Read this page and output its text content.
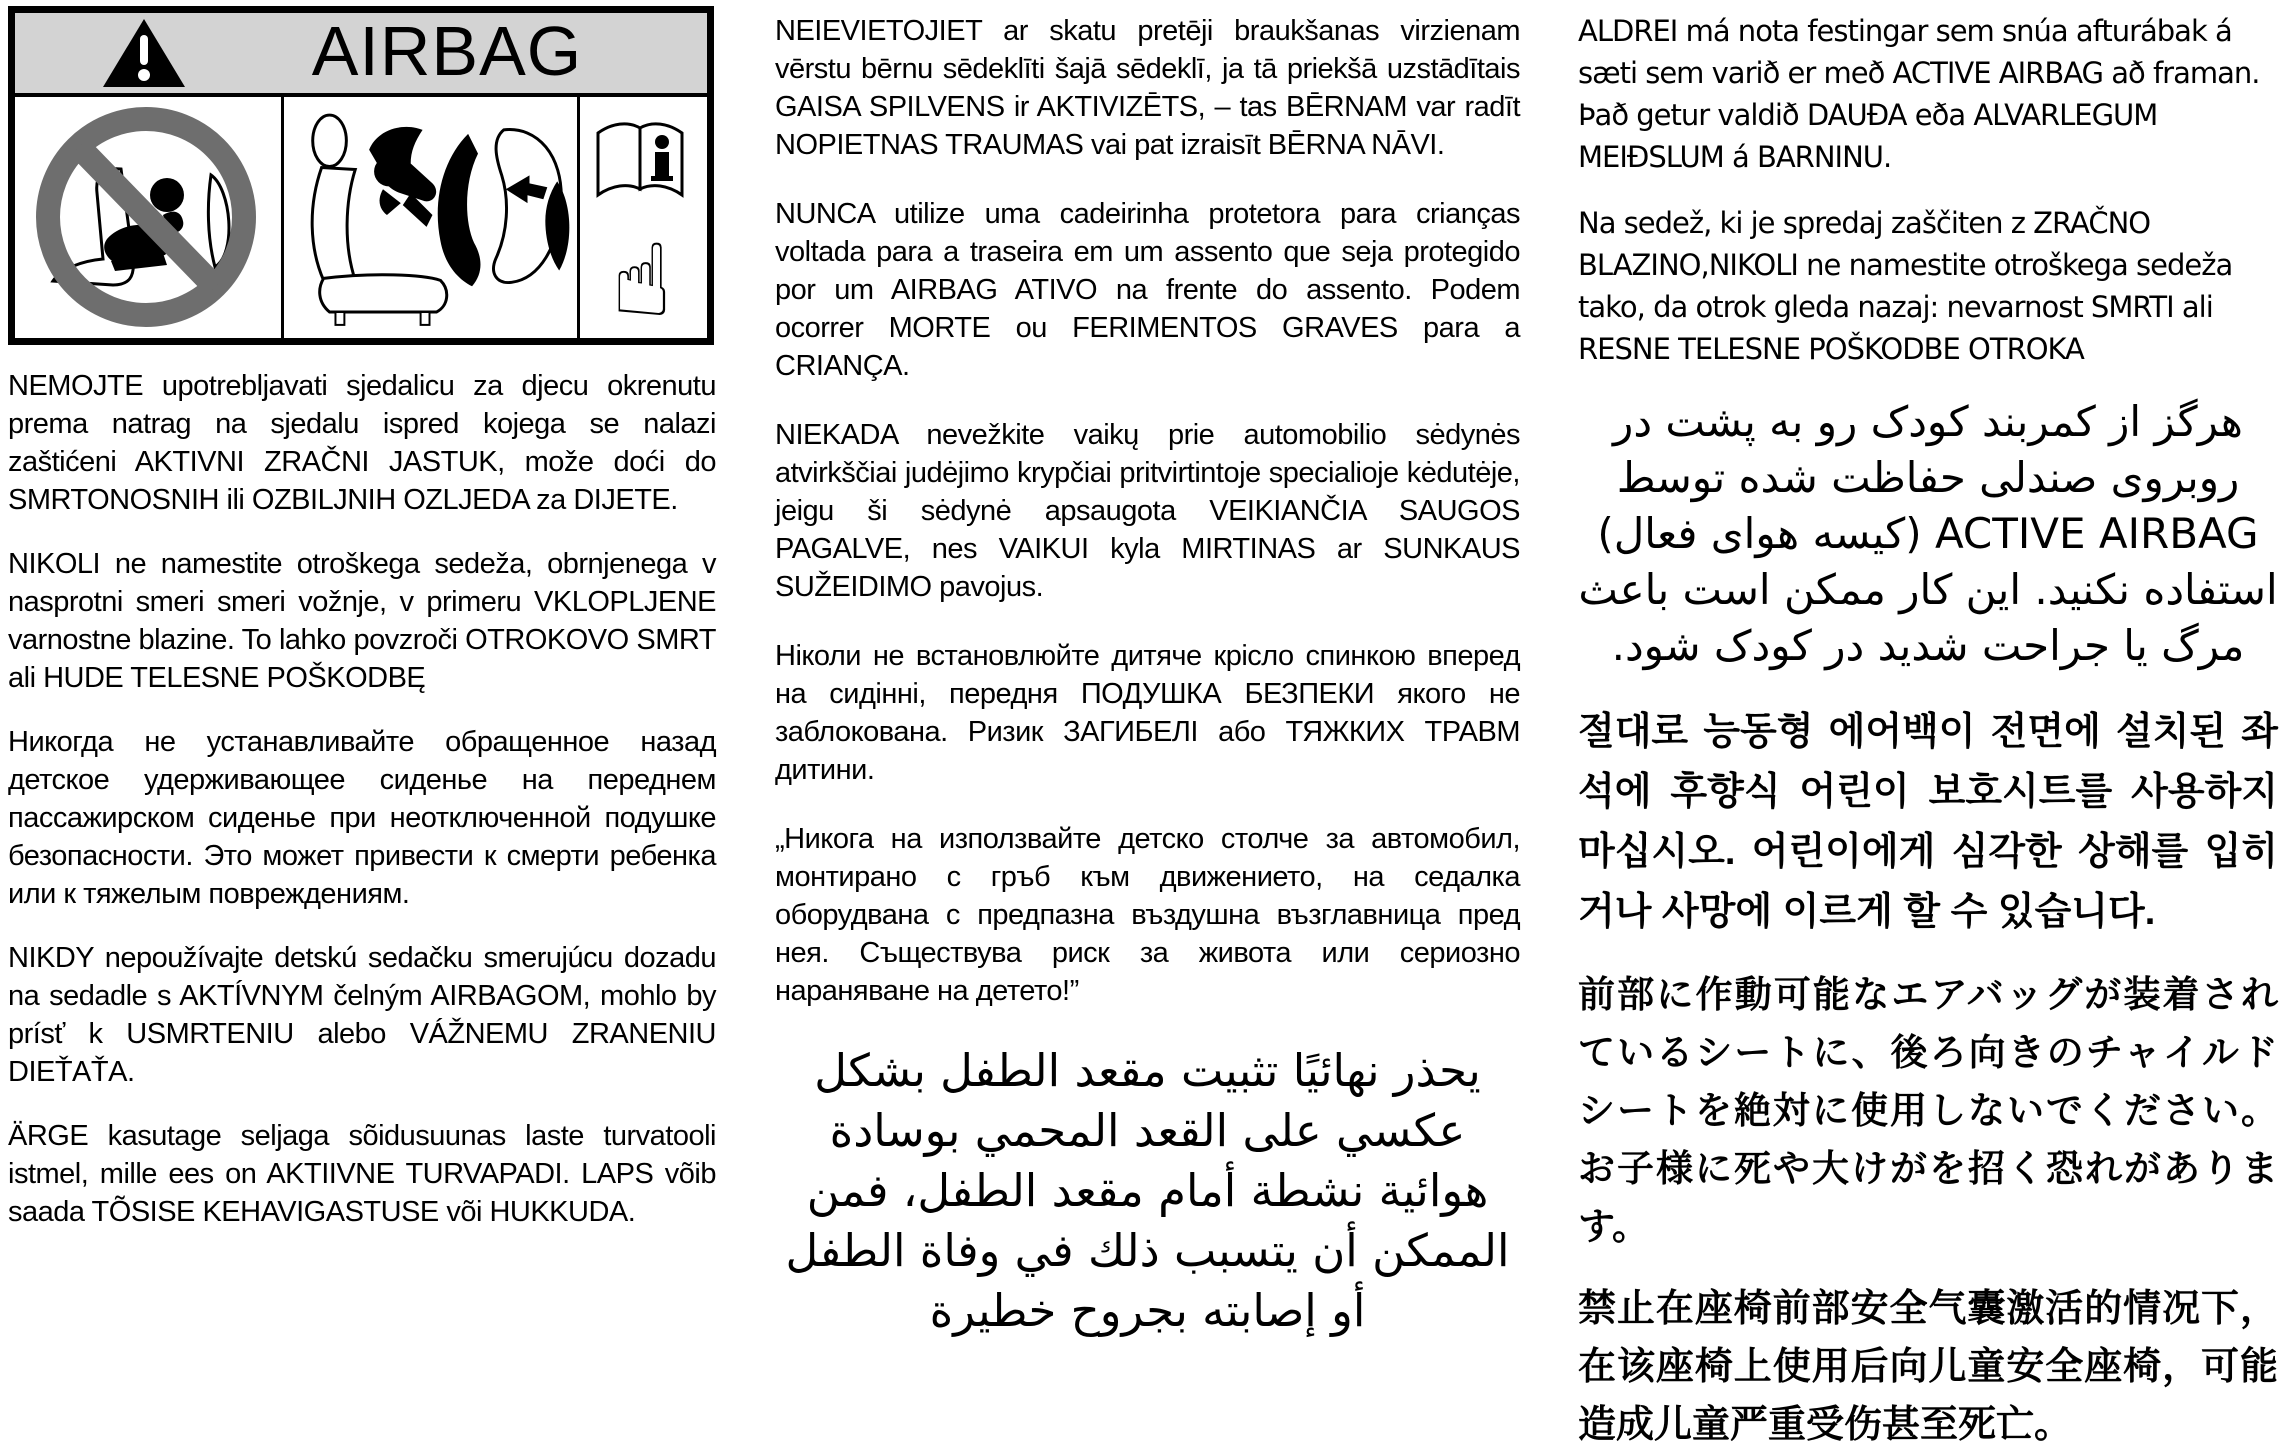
AIRBAG
☝

NEMOJTE upotrebljavati sjedalicu za djecu okrenutu prema natrag na sjedalu ispred kojega se nalazi zaštićeni AKTIVNI ZRAČNI JASTUK, može doći do SMRTONOSNIH ili OZBILJNIH OZLJEDA za DIJETE.

NIKOLI ne namestite otroškega sedeža, obrnjenega v nasprotni smeri smeri vožnje, v primeru VKLOPLJENE varnostne blazine. To lahko povzroči OTROKOVO SMRT ali HUDE TELESNE POŠKODBĘ

Никогда не устанавливайте обращенное назад детское удерживающее сиденье на переднем пассажирском сиденье при неотключенной подушке безопасности. Это может привести к смерти ребенка или к тяжелым повреждениям.

NIKDY nepoužívajte detskú sedačku smerujúcu dozadu na sedadle s AKTÍVNYM čelným AIRBAGOM, mohlo by prísť k USMRTENIU alebo VÁŽNEMU ZRANENIU DIEŤAŤA.

ÄRGE kasutage seljaga sõidusuunas laste turvatooli istmel, mille ees on AKTIIVNE TURVAPADI. LAPS võib saada TÕSISE KEHAVIGASTUSE või HUKKUDA.

NEIEVIETOJIET ar skatu pretēji braukšanas virzienam vērstu bērnu sēdeklīti šajā sēdeklī, ja tā priekšā uzstādītais GAISA SPILVENS ir AKTIVIZĒTS, – tas BĒRNAM var radīt NOPIETNAS TRAUMAS vai pat izraisīt BĒRNA NĀVI.

NUNCA utilize uma cadeirinha protetora para crianças voltada para a traseira em um assento que seja protegido por um AIRBAG ATIVO na frente do assento. Podem ocorrer MORTE ou FERIMENTOS GRAVES para a CRIANÇA.

NIEKADA nevežkite vaikų prie automobilio sėdynės atvirkščiai judėjimo krypčiai pritvirtintoje specialioje kėdutėje, jeigu ši sėdynė apsaugota VEIKIANČIA SAUGOS PAGALVE, nes VAIKUI kyla MIRTINAS ar SUNKAUS SUŽEIDIMO pavojus.

Ніколи не встановлюйте дитяче крісло спинкою вперед на сидінні, передня ПОДУШКА БЕЗПЕКИ якого не заблокована. Ризик ЗАГИБЕЛІ або ТЯЖКИХ ТРАВМ дитини.

„Никога на използвайте детско столче за автомобил, монтирано с гръб към движението, на седалка оборудвана с предпазна въздушна възглавница пред нея. Съществува риск за живота или сериозно нараняване на детето!”

يحذر نهائيًا تثبيت مقعد الطفل بشكل عكسي على القعد المحمي بوسادة هوائية نشطة أمام مقعد الطفل، فمن الممكن أن يتسبب ذلك في وفاة الطفل أو إصابته بجروح خطيرة

ALDREI má nota festingar sem snúa afturábak á sæti sem varið er með ACTIVE AIRBAG að framan. Það getur valdið DAUÐA eða ALVARLEGUM MEIÐSLUM á BARNINU.

Na sedež, ki je spredaj zaščiten z ZRAČNO BLAZINO,NIKOLI ne namestite otroškega sedeža tako, da otrok gleda nazaj: nevarnost SMRTI ali RESNE TELESNE POŠKODBE OTROKA

هرگز از کمربند کودک رو به پشت در روبروی صندلی حفاظت شده توسط ACTIVE AIRBAG (کیسه هوای فعال) استفاده نکنید. این کار ممکن است باعث مرگ یا جراحت شدید در کودک شود.

절대로 능동형 에어백이 전면에 설치된 좌석에 후향식 어린이 보호시트를 사용하지 마십시오. 어린이에게 심각한 상해를 입히거나 사망에 이르게 할 수 있습니다.

前部に作動可能なエアバッグが装着されているシートに、後ろ向きのチャイルドシートを絶対に使用しないでください。お子様に死や大けがを招く恐れがあります。

禁止在座椅前部安全气囊激活的情况下，在该座椅上使用后向儿童安全座椅，可能造成儿童严重受伤甚至死亡。
